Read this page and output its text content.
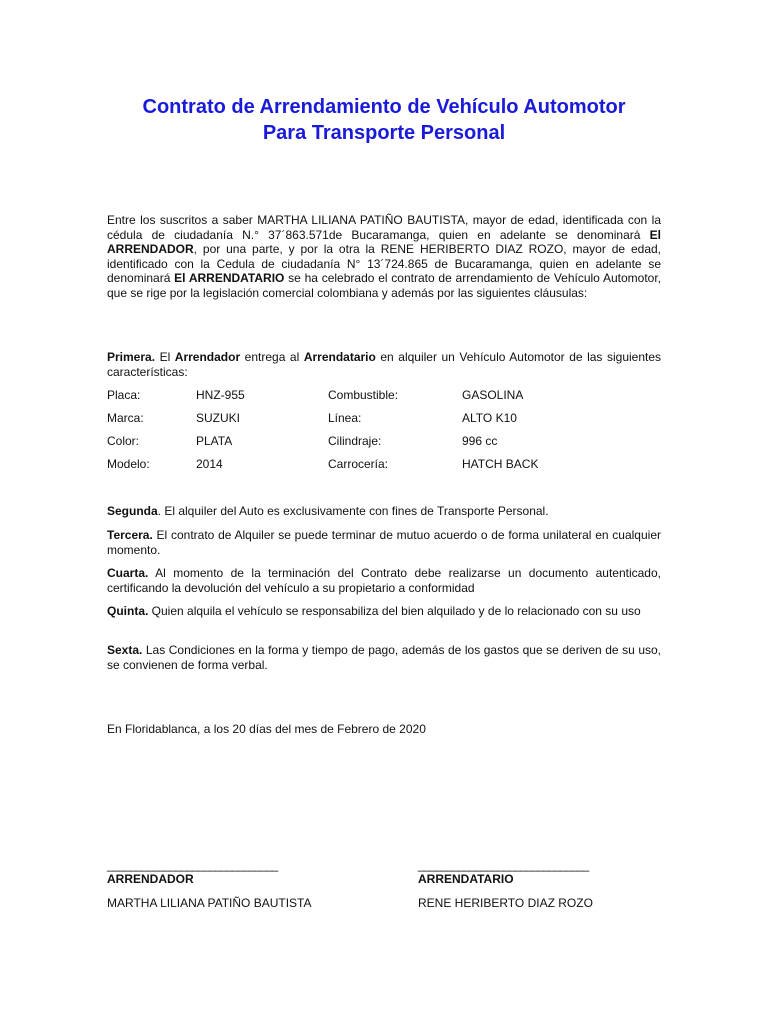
Contrato de Arrendamiento de Vehículo Automotor
Para Transporte Personal

Entre los suscritos a saber MARTHA LILIANA PATIÑO BAUTISTA, mayor de edad, identificada con la cédula de ciudadanía N.° 37´863.571de Bucaramanga, quien en adelante se denominará El ARRENDADOR, por una parte, y por la otra la RENE HERIBERTO DIAZ ROZO, mayor de edad, identificado con la Cedula de ciudadanía N° 13´724.865 de Bucaramanga, quien en adelante se denominará El ARRENDATARIO se ha celebrado el contrato de arrendamiento de Vehículo Automotor, que se rige por la legislación comercial colombiana y además por las siguientes cláusulas:

Primera. El Arrendador entrega al Arrendatario en alquiler un Vehículo Automotor de las siguientes características:

Placa:	HNZ-955	Combustible:	GASOLINA
Marca:	SUZUKI	Línea:	ALTO K10
Color:	PLATA	Cilindraje:	996 cc
Modelo:	2014	Carrocería:	HATCH BACK

Segunda. El alquiler del Auto es exclusivamente con fines de Transporte Personal.

Tercera. El contrato de Alquiler se puede terminar de mutuo acuerdo o de forma unilateral en cualquier momento.

Cuarta. Al momento de la terminación del Contrato debe realizarse un documento autenticado, certificando la devolución del vehículo a su propietario a conformidad

Quinta. Quien alquila el vehículo se responsabiliza del bien alquilado y de lo relacionado con su uso

Sexta. Las Condiciones en la forma y tiempo de pago, además de los gastos que se deriven de su uso, se convienen de forma verbal.

En Floridablanca, a los 20 días del mes de Febrero de 2020
______________________________	______________________________
ARRENDADOR	ARRENDATARIO
MARTHA LILIANA PATIÑO BAUTISTA	RENE HERIBERTO DIAZ ROZO
